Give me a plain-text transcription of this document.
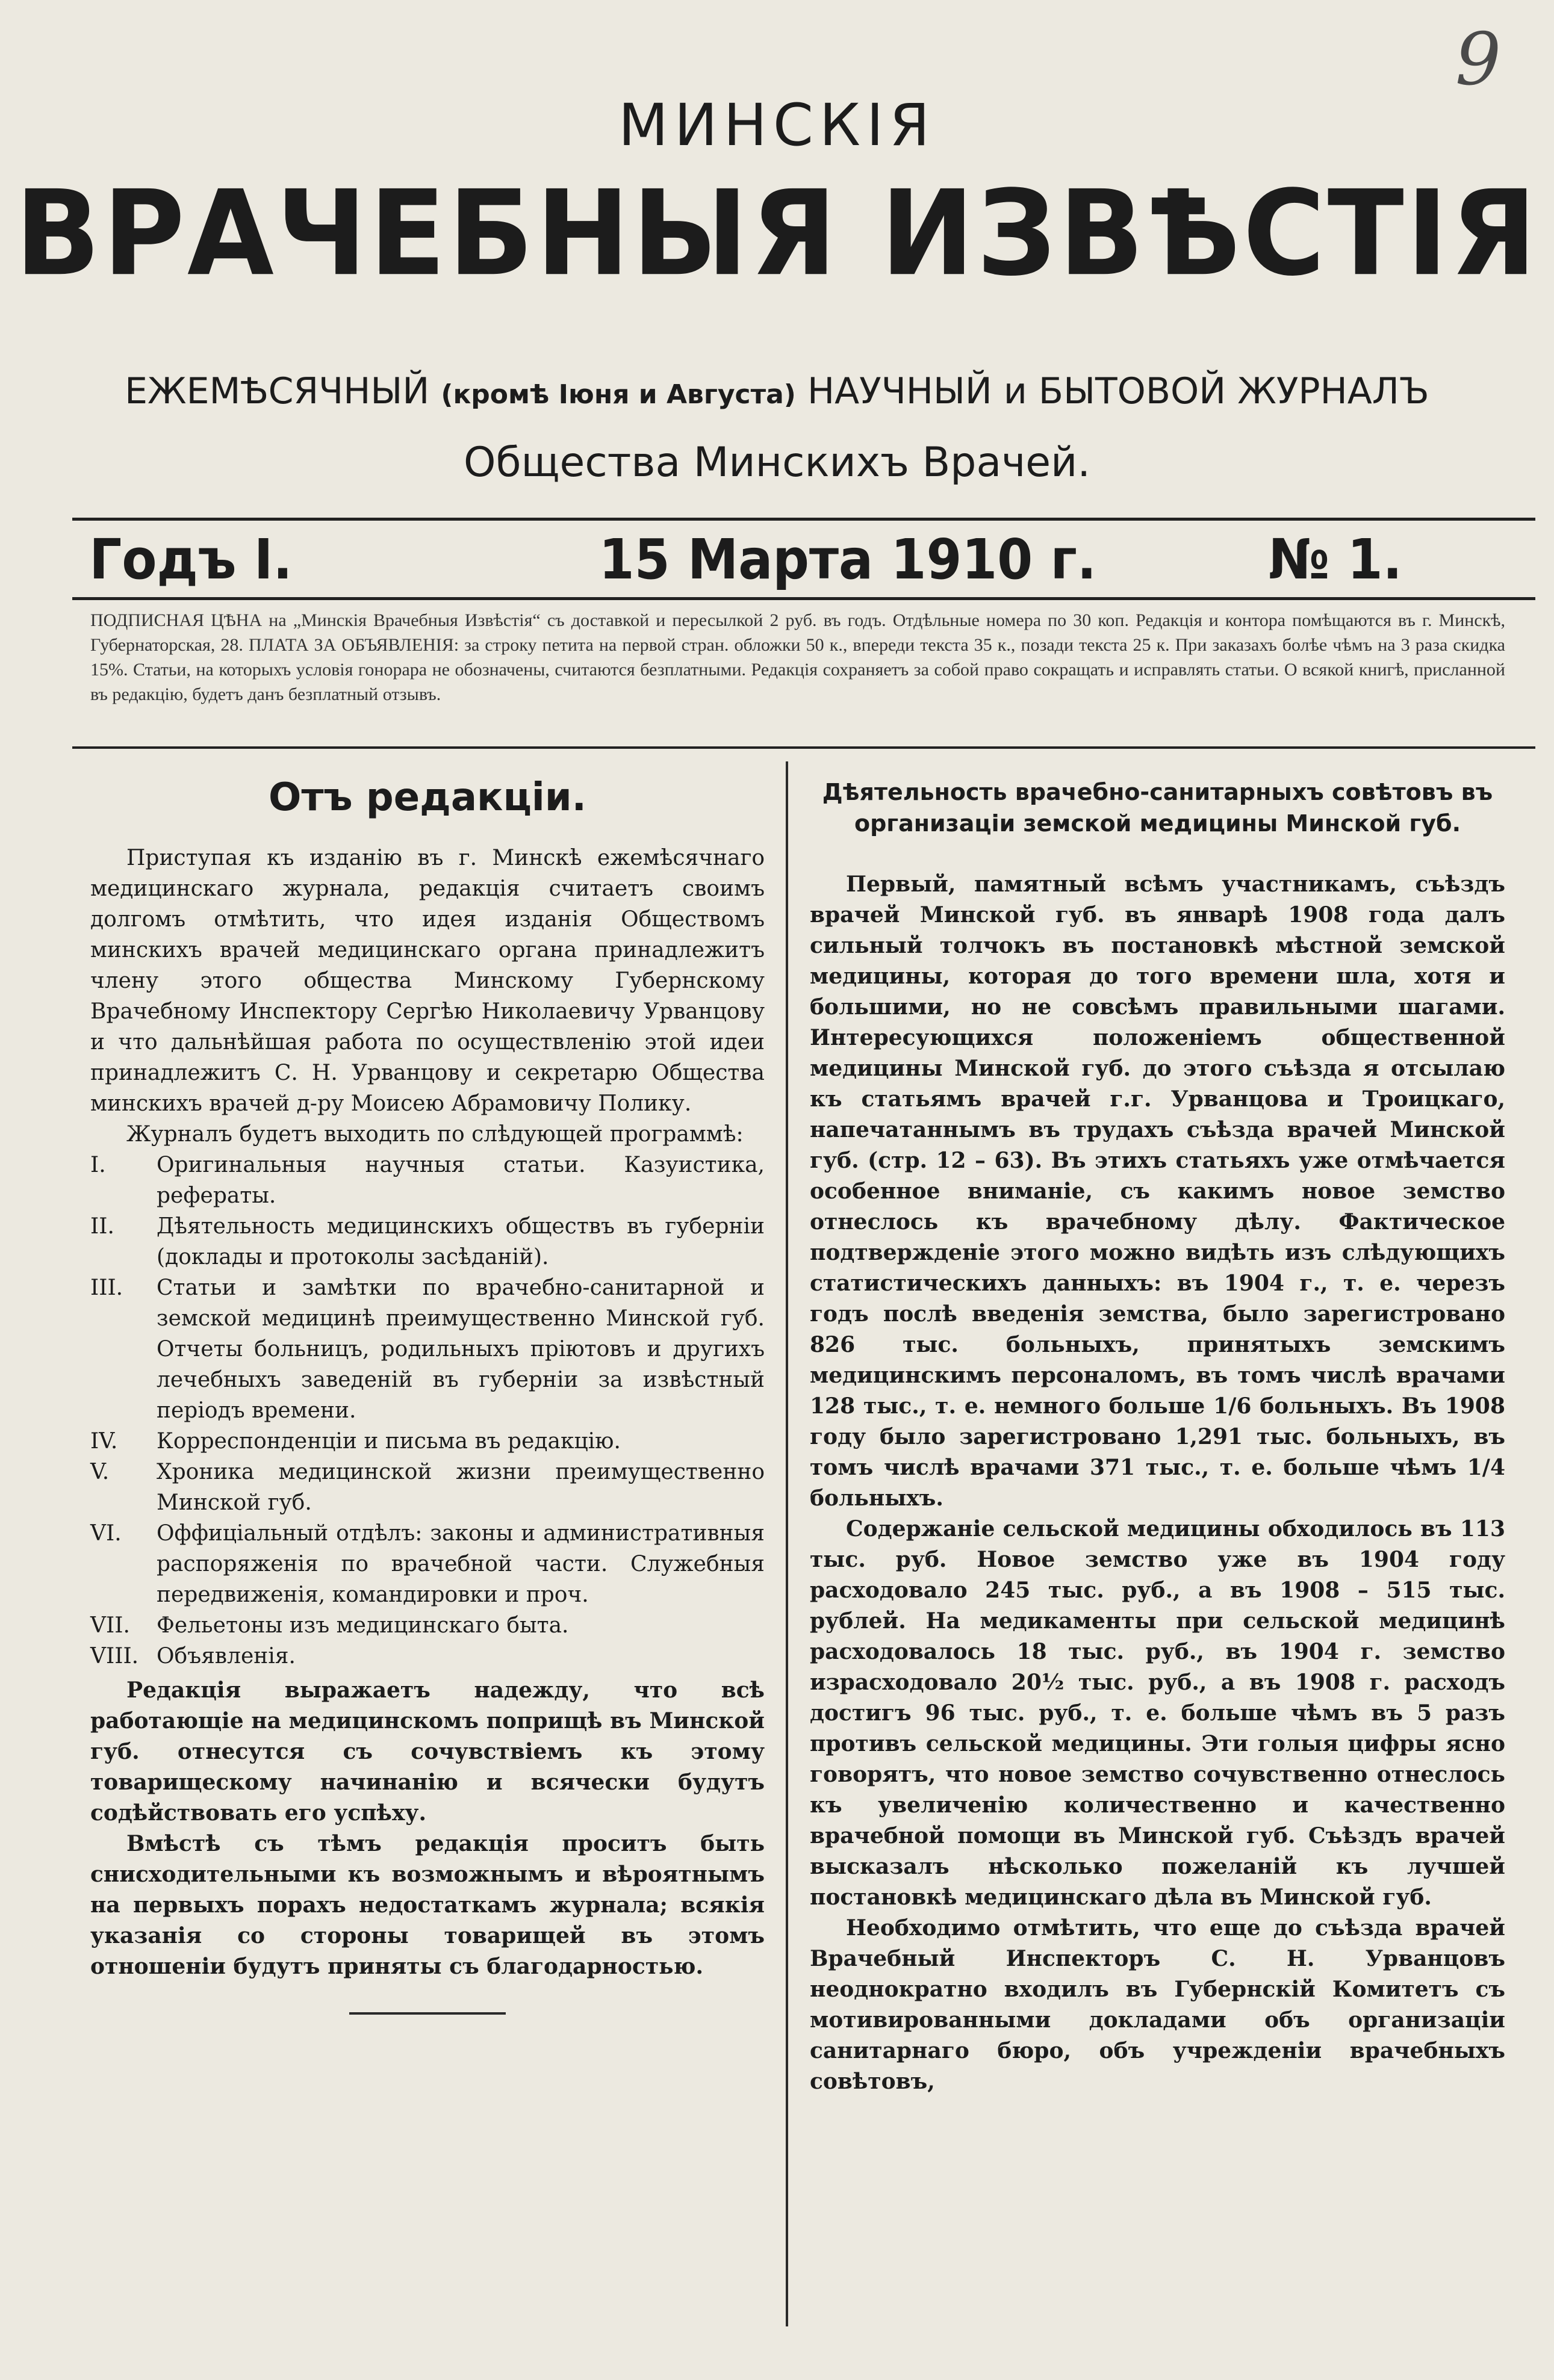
9
МИНСКІЯ
ВРАЧЕБНЫЯ ИЗВѢСТІЯ
ЕЖЕМѢСЯЧНЫЙ (кромѣ Іюня и Августа) НАУЧНЫЙ и БЫТОВОЙ ЖУРНАЛЪ
Общества Минскихъ Врачей.
Годъ I.	15 Марта 1910 г.	№ 1.
ПОДПИСНАЯ ЦѢНА на „Минскія Врачебныя Извѣстія“ съ доставкой и пересылкой 2 руб. въ годъ. Отдѣльные номера по 30 коп. Редакція и контора помѣщаются въ г. Минскѣ, Губернаторская, 28. ПЛАТА ЗА ОБЪЯВЛЕНІЯ: за строку петита на первой стран. обложки 50 к., впереди текста 35 к., позади текста 25 к. При заказахъ болѣе чѣмъ на 3 раза скидка 15%. Статьи, на которыхъ условія гонорара не обозначены, считаются безплатными. Редакція сохраняетъ за собой право сокращать и исправлять статьи. О всякой книгѣ, присланной въ редакцію, будетъ данъ безплатный отзывъ.
Отъ редакціи.

Приступая къ изданію въ г. Минскѣ ежемѣсячнаго медицинскаго журнала, редакція считаетъ своимъ долгомъ отмѣтить, что идея изданія Обществомъ минскихъ врачей медицинскаго органа принадлежитъ члену этого общества Минскому Губернскому Врачебному Инспектору Сергѣю Николаевичу Урванцову и что дальнѣйшая работа по осуществленію этой идеи принадлежитъ С. Н. Урванцову и секретарю Общества минскихъ врачей д-ру Моисею Абрамовичу Полику.

Журналъ будетъ выходить по слѣдующей программѣ:

I. Оригинальныя научныя статьи. Казуистика, рефераты.
II. Дѣятельность медицинскихъ обществъ въ губерніи (доклады и протоколы засѣданій).
III. Статьи и замѣтки по врачебно-санитарной и земской медицинѣ преимущественно Минской губ. Отчеты больницъ, родильныхъ пріютовъ и другихъ лечебныхъ заведеній въ губерніи за извѣстный періодъ времени.
IV. Корреспонденціи и письма въ редакцію.
V. Хроника медицинской жизни преимущественно Минской губ.
VI. Оффиціальный отдѣлъ: законы и административныя распоряженія по врачебной части. Служебныя передвиженія, командировки и проч.
VII. Фельетоны изъ медицинскаго быта.
VIII. Объявленія.

Редакція выражаетъ надежду, что всѣ работающіе на медицинскомъ поприщѣ въ Минской губ. отнесутся съ сочувствіемъ къ этому товарищескому начинанію и всячески будутъ содѣйствовать его успѣху.

Вмѣстѣ съ тѣмъ редакція проситъ быть снисходительными къ возможнымъ и вѣроятнымъ на первыхъ порахъ недостаткамъ журнала; всякія указанія со стороны товарищей въ этомъ отношеніи будутъ приняты съ благодарностью.

Дѣятельность врачебно-санитарныхъ совѣтовъ въ организаціи земской медицины Минской губ.

Первый, памятный всѣмъ участникамъ, съѣздъ врачей Минской губ. въ январѣ 1908 года далъ сильный толчокъ въ постановкѣ мѣстной земской медицины, которая до того времени шла, хотя и большими, но не совсѣмъ правильными шагами. Интересующихся положеніемъ общественной медицины Минской губ. до этого съѣзда я отсылаю къ статьямъ врачей г.г. Урванцова и Троицкаго, напечатаннымъ въ трудахъ съѣзда врачей Минской губ. (стр. 12 – 63). Въ этихъ статьяхъ уже отмѣчается особенное вниманіе, съ какимъ новое земство отнеслось къ врачебному дѣлу. Фактическое подтвержденіе этого можно видѣть изъ слѣдующихъ статистическихъ данныхъ: въ 1904 г., т. е. черезъ годъ послѣ введенія земства, было зарегистровано 826 тыс. больныхъ, принятыхъ земскимъ медицинскимъ персоналомъ, въ томъ числѣ врачами 128 тыс., т. е. немного больше 1/6 больныхъ. Въ 1908 году было зарегистровано 1,291 тыс. больныхъ, въ томъ числѣ врачами 371 тыс., т. е. больше чѣмъ 1/4 больныхъ.

Содержаніе сельской медицины обходилось въ 113 тыс. руб. Новое земство уже въ 1904 году расходовало 245 тыс. руб., а въ 1908 – 515 тыс. рублей. На медикаменты при сельской медицинѣ расходовалось 18 тыс. руб., въ 1904 г. земство израсходовало 20½ тыс. руб., а въ 1908 г. расходъ достигъ 96 тыс. руб., т. е. больше чѣмъ въ 5 разъ противъ сельской медицины. Эти голыя цифры ясно говорятъ, что новое земство сочувственно отнеслось къ увеличенію количественно и качественно врачебной помощи въ Минской губ. Съѣздъ врачей высказалъ нѣсколько пожеланій къ лучшей постановкѣ медицинскаго дѣла въ Минской губ.

Необходимо отмѣтить, что еще до съѣзда врачей Врачебный Инспекторъ С. Н. Урванцовъ неоднократно входилъ въ Губернскій Комитетъ съ мотивированными докладами объ организаціи санитарнаго бюро, объ учрежденіи врачебныхъ совѣтовъ,
